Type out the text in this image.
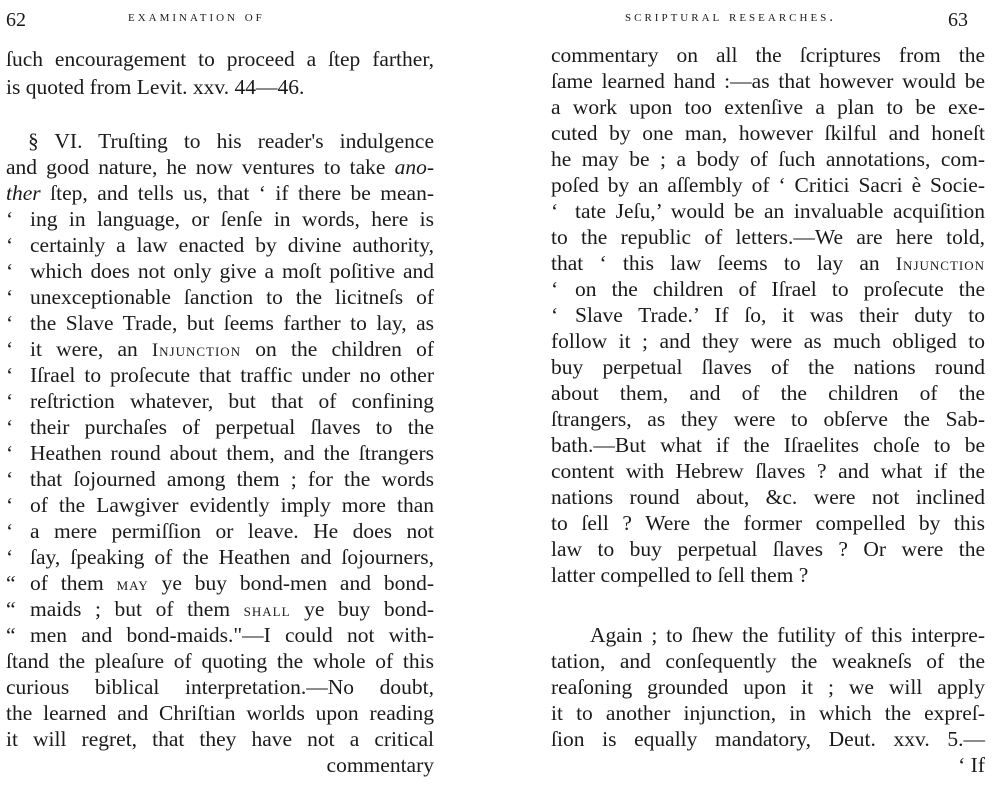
62	examination of
ſuch encouragement to proceed a ſtep farther,
is quoted from Levit. xxv. 44—46.
§ VI. Truſting to his reader's indulgence
and good nature, he now ventures to take ano-
ther ſtep, and tells us, that ‘ if there be mean-
‘ ing in language, or ſenſe in words, here is
‘ certainly a law enacted by divine authority,
‘ which does not only give a moſt poſitive and
‘ unexceptionable ſanction to the licitneſs of
‘ the Slave Trade, but ſeems farther to lay, as
‘ it were, an Injunction on the children of
‘ Iſrael to proſecute that traffic under no other
‘ reſtriction whatever, but that of confining
‘ their purchaſes of perpetual ſlaves to the
‘ Heathen round about them, and the ſtrangers
‘ that ſojourned among them ; for the words
‘ of the Lawgiver evidently imply more than
‘ a mere permiſſion or leave. He does not
‘ ſay, ſpeaking of the Heathen and ſojourners,
“ of them may ye buy bond-men and bond-
“ maids ; but of them shall ye buy bond-
“ men and bond-maids."—I could not with-
ſtand the pleaſure of quoting the whole of this
curious biblical interpretation.—No doubt,
the learned and Chriſtian worlds upon reading
it will regret, that they have not a critical
commentary
scriptural researches.	63
commentary on all the ſcriptures from the
ſame learned hand :—as that however would be
a work upon too extenſive a plan to be exe-
cuted by one man, however ſkilful and honeſt
he may be ; a body of ſuch annotations, com-
poſed by an aſſembly of ‘ Critici Sacri è Socie-
‘ tate Jeſu,’ would be an invaluable acquiſition
to the republic of letters.—We are here told,
that ‘ this law ſeems to lay an Injunction
‘ on the children of Iſrael to proſecute the
‘ Slave Trade.’ If ſo, it was their duty to
follow it ; and they were as much obliged to
buy perpetual ſlaves of the nations round
about them, and of the children of the
ſtrangers, as they were to obſerve the Sab-
bath.—But what if the Iſraelites choſe to be
content with Hebrew ſlaves ? and what if the
nations round about, &c. were not inclined
to ſell ? Were the former compelled by this
law to buy perpetual ſlaves ? Or were the
latter compelled to ſell them ?
Again ; to ſhew the futility of this interpre-
tation, and conſequently the weakneſs of the
reaſoning grounded upon it ; we will apply
it to another injunction, in which the expreſ-
ſion is equally mandatory, Deut. xxv. 5.—
‘ If
